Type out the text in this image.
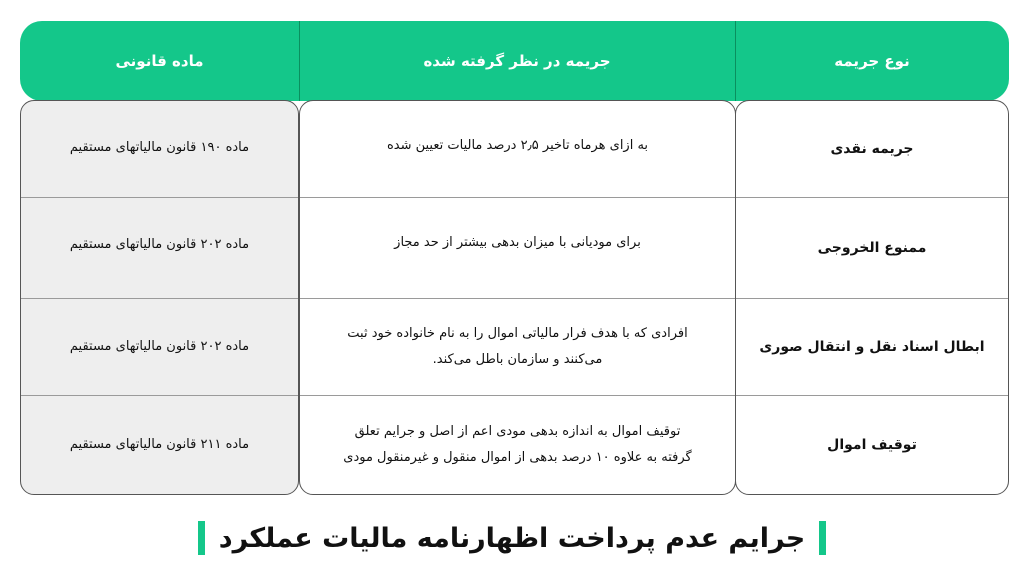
نوع جریمه
جریمه در نظر گرفته شده
ماده قانونی
جریمه نقدی
ممنوع الخروجی
ابطال اسناد نقل و انتقال صوری
توقیف اموال
به ازای هرماه تاخیر ۲٫۵ درصد مالیات تعیین شده
برای مودیانی با میزان بدهی بیشتر از حد مجاز
افرادی که با هدف فرار مالیاتی اموال را به نام خانواده خود ثبت می‌کنند و سازمان باطل می‌کند.
توقیف اموال به اندازه بدهی مودی اعم از اصل و جرایم تعلق گرفته به علاوه ۱۰ درصد بدهی از اموال منقول و غیرمنقول مودی
ماده ۱۹۰ قانون مالیاتهای مستقیم
ماده ۲۰۲ قانون مالیاتهای مستقیم
ماده ۲۰۲ قانون مالیاتهای مستقیم
ماده ۲۱۱ قانون مالیاتهای مستقیم
جرایم عدم پرداخت اظهارنامه مالیات عملکرد
